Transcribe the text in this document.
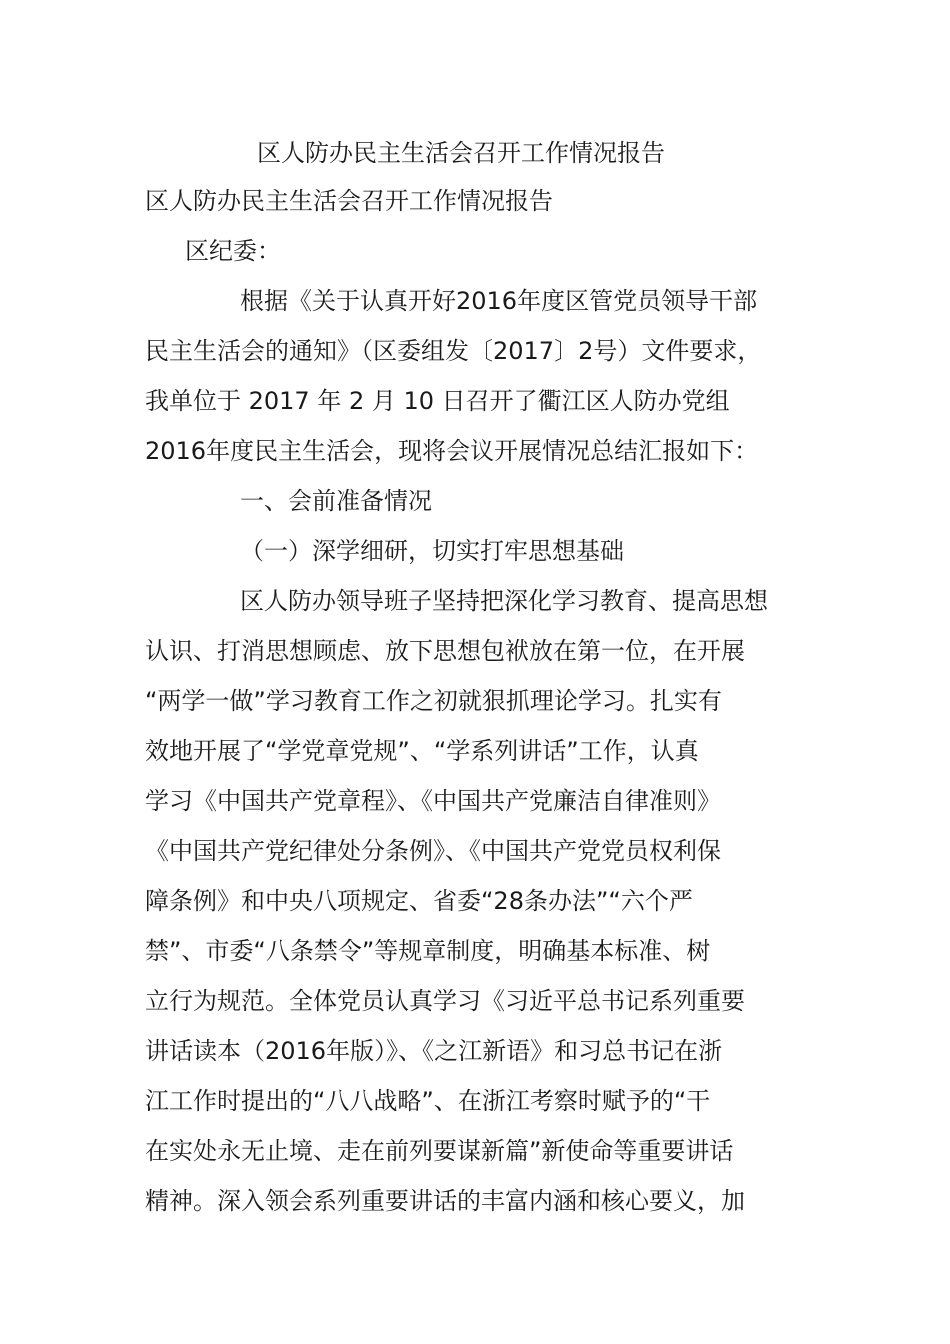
区人防办民主生活会召开工作情况报告
区人防办民主生活会召开工作情况报告
区纪委：
根据《关于认真开好2016年度区管党员领导干部
民主生活会的通知》（区委组发〔2017〕2号）文件要求，
我单位于 2017 年 2 月 10 日召开了衢江区人防办党组
2016年度民主生活会，现将会议开展情况总结汇报如下：
一、会前准备情况
（一）深学细研，切实打牢思想基础
区人防办领导班子坚持把深化学习教育、提高思想
认识、打消思想顾虑、放下思想包袱放在第一位，在开展
“两学一做”学习教育工作之初就狠抓理论学习。扎实有
效地开展了“学党章党规”、“学系列讲话”工作，认真
学习《中国共产党章程》、《中国共产党廉洁自律准则》
《中国共产党纪律处分条例》、《中国共产党党员权利保
障条例》和中央八项规定、省委“28条办法”“六个严
禁”、市委“八条禁令”等规章制度，明确基本标准、树
立行为规范。全体党员认真学习《习近平总书记系列重要
讲话读本（2016年版）》、《之江新语》和习总书记在浙
江工作时提出的“八八战略”、在浙江考察时赋予的“干
在实处永无止境、走在前列要谋新篇”新使命等重要讲话
精神。深入领会系列重要讲话的丰富内涵和核心要义，加
